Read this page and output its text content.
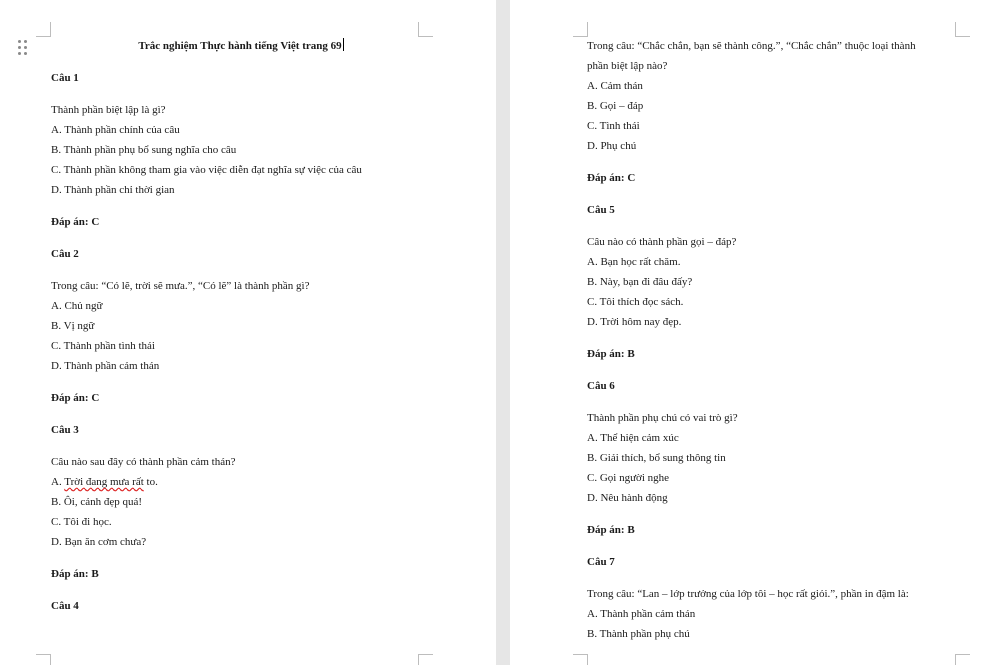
Trắc nghiệm Thực hành tiếng Việt trang 69
Câu 1
Thành phần biệt lập là gì?
A. Thành phần chính của câu
B. Thành phần phụ bổ sung nghĩa cho câu
C. Thành phần không tham gia vào việc diễn đạt nghĩa sự việc của câu
D. Thành phần chỉ thời gian
Đáp án: C
Câu 2
Trong câu: “Có lẽ, trời sẽ mưa.”, “Có lẽ” là thành phần gì?
A. Chủ ngữ
B. Vị ngữ
C. Thành phần tình thái
D. Thành phần cảm thán
Đáp án: C
Câu 3
Câu nào sau đây có thành phần cảm thán?
A. Trời đang mưa rất to.
B. Ôi, cảnh đẹp quá!
C. Tôi đi học.
D. Bạn ăn cơm chưa?
Đáp án: B
Câu 4
Trong câu: “Chắc chắn, bạn sẽ thành công.”, “Chắc chắn” thuộc loại thành phần biệt lập nào?
A. Cảm thán
B. Gọi – đáp
C. Tình thái
D. Phụ chú
Đáp án: C
Câu 5
Câu nào có thành phần gọi – đáp?
A. Bạn học rất chăm.
B. Này, bạn đi đâu đấy?
C. Tôi thích đọc sách.
D. Trời hôm nay đẹp.
Đáp án: B
Câu 6
Thành phần phụ chú có vai trò gì?
A. Thể hiện cảm xúc
B. Giải thích, bổ sung thông tin
C. Gọi người nghe
D. Nêu hành động
Đáp án: B
Câu 7
Trong câu: “Lan – lớp trưởng của lớp tôi – học rất giỏi.”, phần in đậm là:
A. Thành phần cảm thán
B. Thành phần phụ chú
